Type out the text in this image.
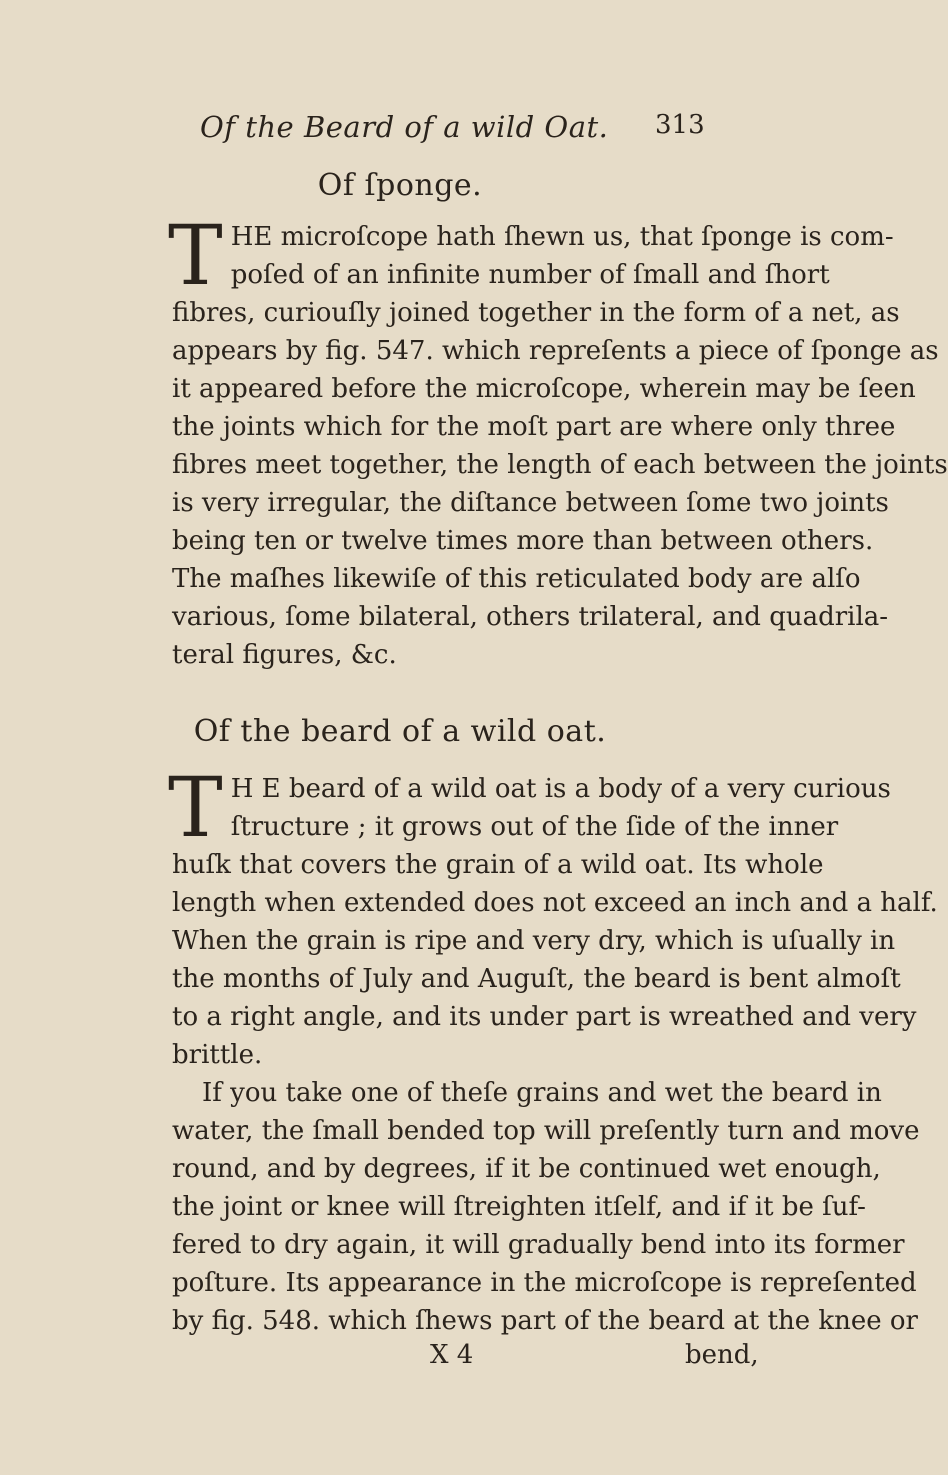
Of the Beard of a wild Oat. 313
Of ſponge.
T HE microſcope hath ſhewn us, that ſponge is com-
poſed of an infinite number of ſmall and ſhort
fibres, curiouſly joined together in the form of a net, as
appears by fig. 547. which repreſents a piece of ſponge as
it appeared before the microſcope, wherein may be ſeen
the joints which for the moſt part are where only three
fibres meet together, the length of each between the joints
is very irregular, the diſtance between ſome two joints
being ten or twelve times more than between others.
The maſhes likewiſe of this reticulated body are alſo
various, ſome bilateral, others trilateral, and quadrila-
teral figures, &c.
Of the beard of a wild oat.
T H E beard of a wild oat is a body of a very curious
ſtructure ; it grows out of the ſide of the inner
huſk that covers the grain of a wild oat. Its whole
length when extended does not exceed an inch and a half.
When the grain is ripe and very dry, which is uſually in
the months of July and Auguſt, the beard is bent almoſt
to a right angle, and its under part is wreathed and very
brittle.
If you take one of theſe grains and wet the beard in
water, the ſmall bended top will preſently turn and move
round, and by degrees, if it be continued wet enough,
the joint or knee will ſtreighten itſelf, and if it be ſuf-
fered to dry again, it will gradually bend into its former
poſture. Its appearance in the microſcope is repreſented
by fig. 548. which ſhews part of the beard at the knee or
X 4	bend,
